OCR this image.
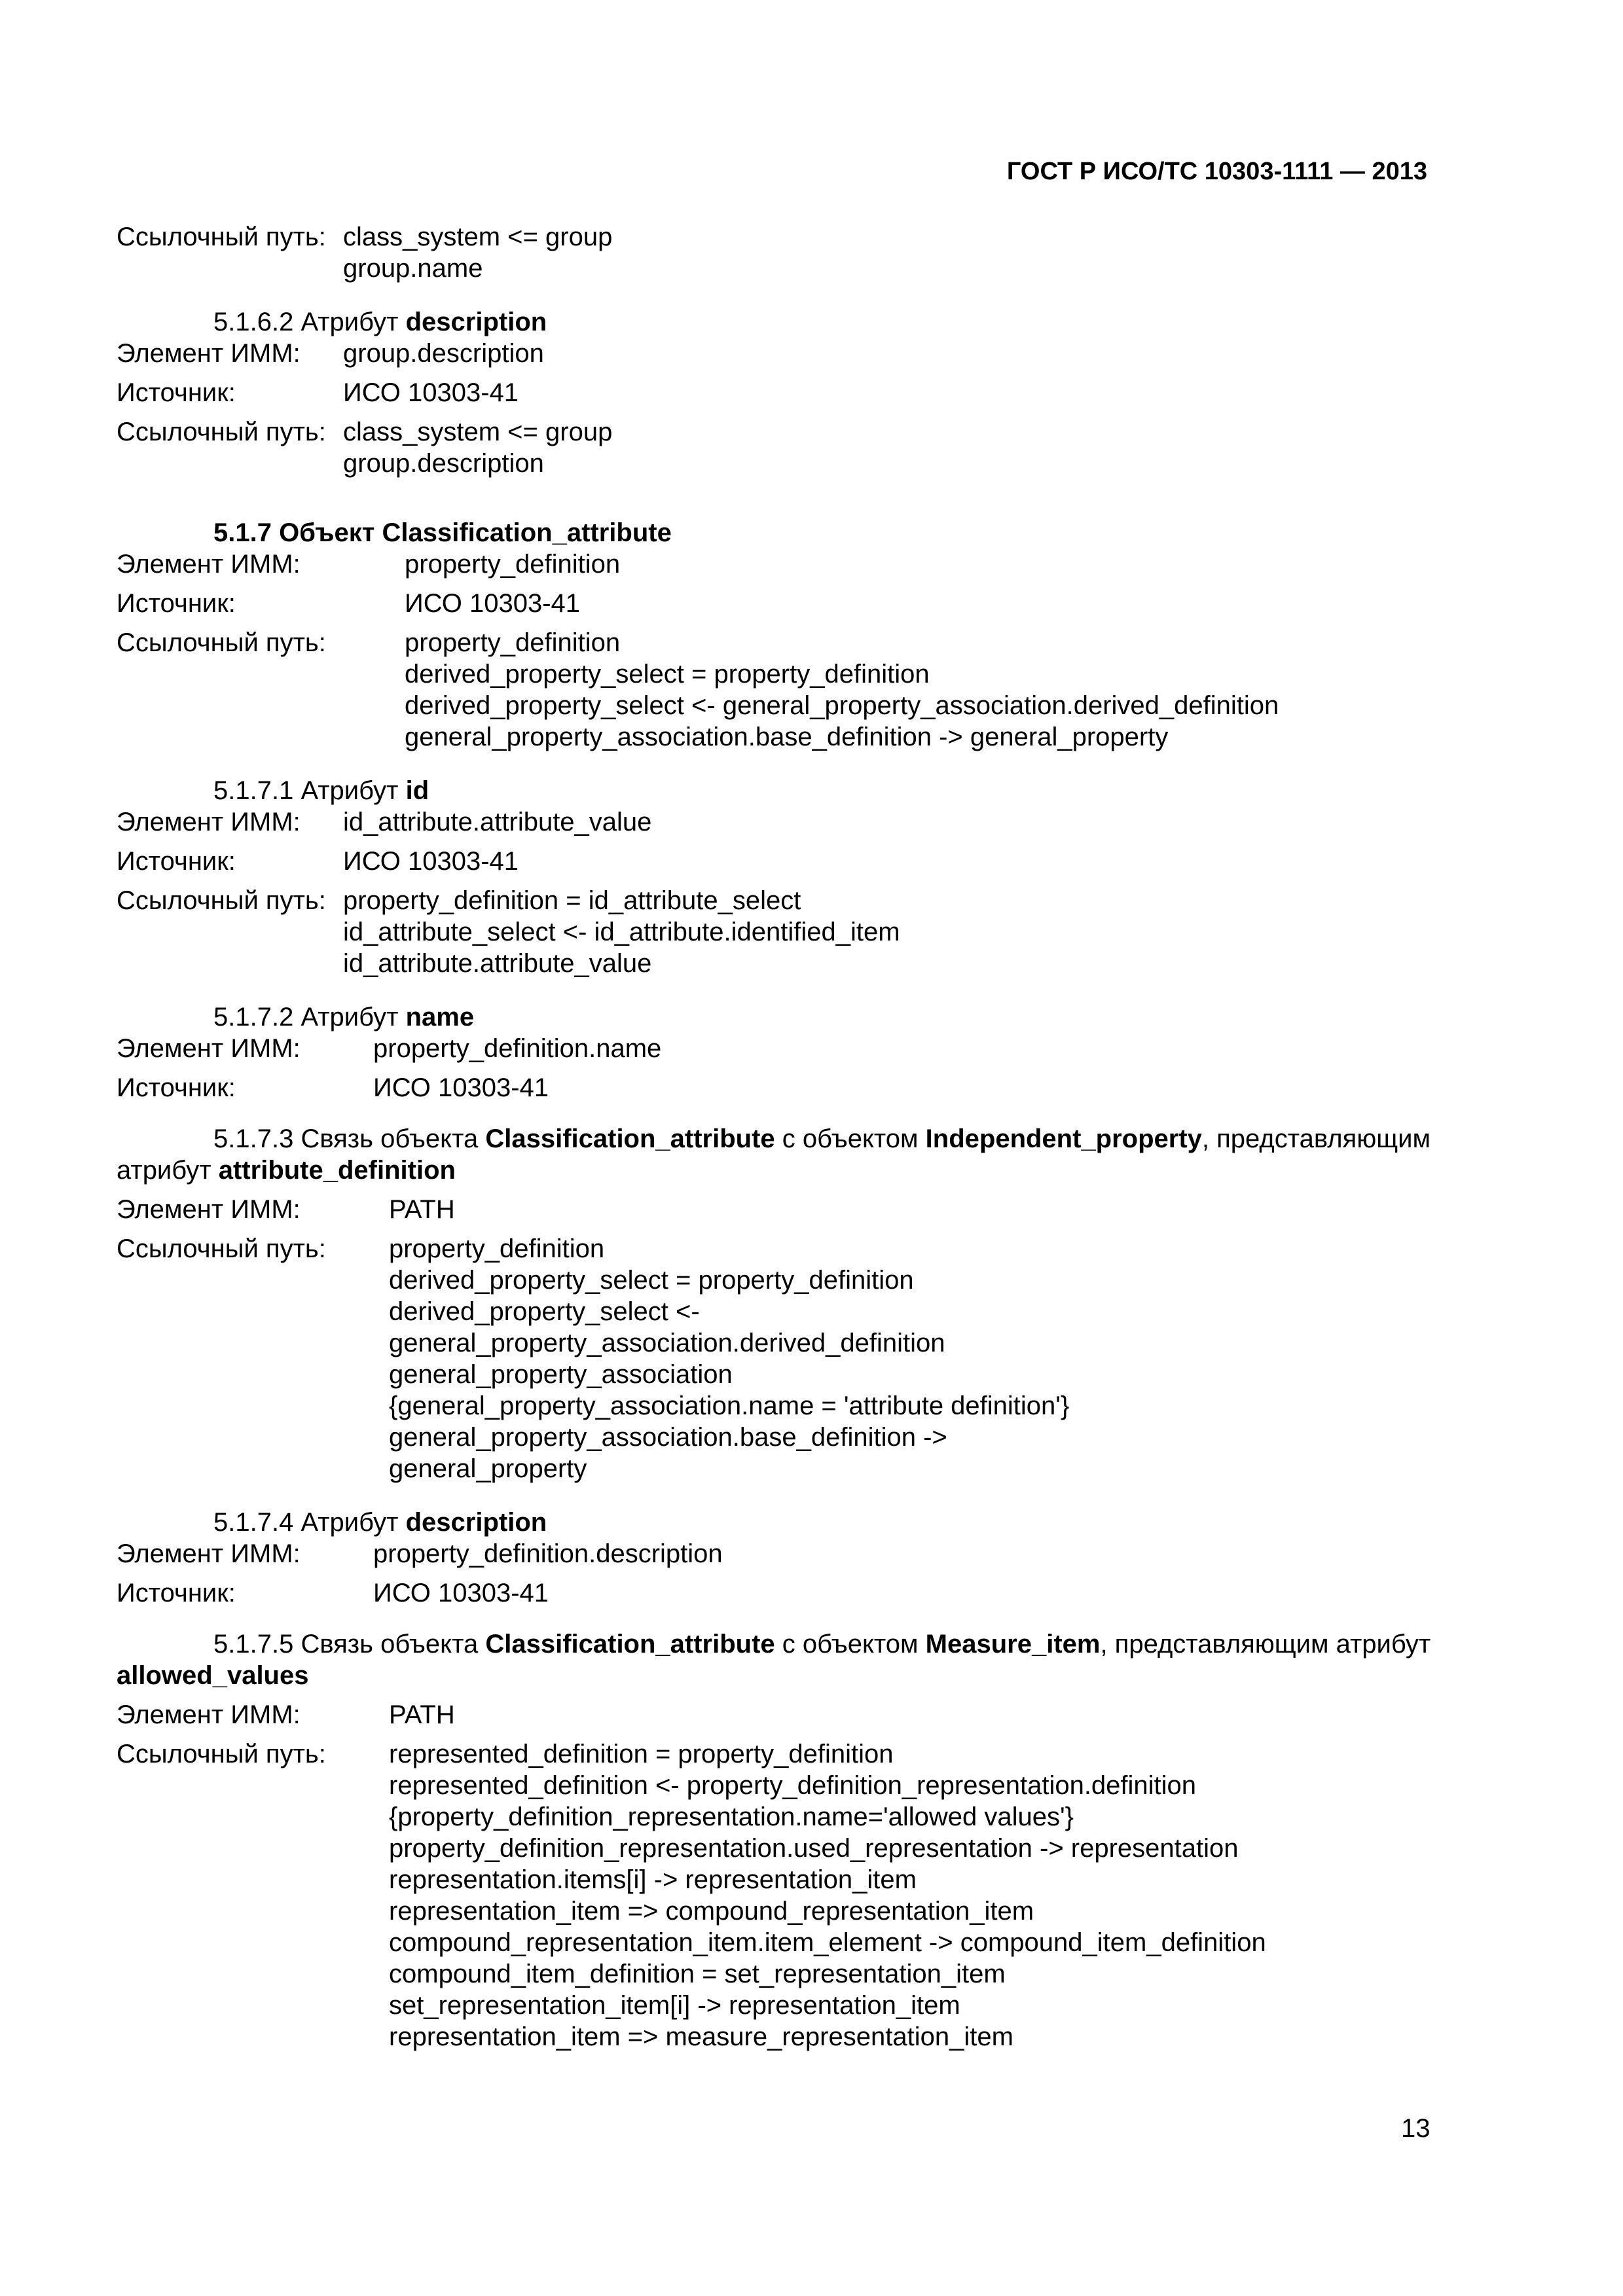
ГОСТ Р ИСО/ТС 10303-1111 — 2013
Ссылочный путь: class_system <= group
group.name
5.1.6.2 Атрибут description
Элемент ИММ:	group.description
Источник:	ИСО 10303-41
Ссылочный путь: class_system <= group
group.description
5.1.7 Объект Classification_attribute
Элемент ИММ:	property_definition
Источник:	ИСО 10303-41
Ссылочный путь:	property_definition
derived_property_select = property_definition
derived_property_select <- general_property_association.derived_definition
general_property_association.base_definition -> general_property
5.1.7.1 Атрибут id
Элемент ИММ:	id_attribute.attribute_value
Источник:	ИСО 10303-41
Ссылочный путь: property_definition = id_attribute_select
id_attribute_select <- id_attribute.identified_item
id_attribute.attribute_value
5.1.7.2 Атрибут name
Элемент ИММ:	property_definition.name
Источник:	ИСО 10303-41
5.1.7.3 Связь объекта Classification_attribute с объектом Independent_property, представляющим атрибут attribute_definition
Элемент ИММ:	PATH
Ссылочный путь:	property_definition
derived_property_select = property_definition
derived_property_select <-
general_property_association.derived_definition
general_property_association
{general_property_association.name = 'attribute definition'}
general_property_association.base_definition ->
general_property
5.1.7.4 Атрибут description
Элемент ИММ:	property_definition.description
Источник:	ИСО 10303-41
5.1.7.5 Связь объекта Classification_attribute с объектом Measure_item, представляющим атрибут allowed_values
Элемент ИММ:	PATH
Ссылочный путь:	represented_definition = property_definition
represented_definition <- property_definition_representation.definition
{property_definition_representation.name='allowed values'}
property_definition_representation.used_representation -> representation
representation.items[i] -> representation_item
representation_item => compound_representation_item
compound_representation_item.item_element -> compound_item_definition
compound_item_definition = set_representation_item
set_representation_item[i] -> representation_item
representation_item => measure_representation_item
13
